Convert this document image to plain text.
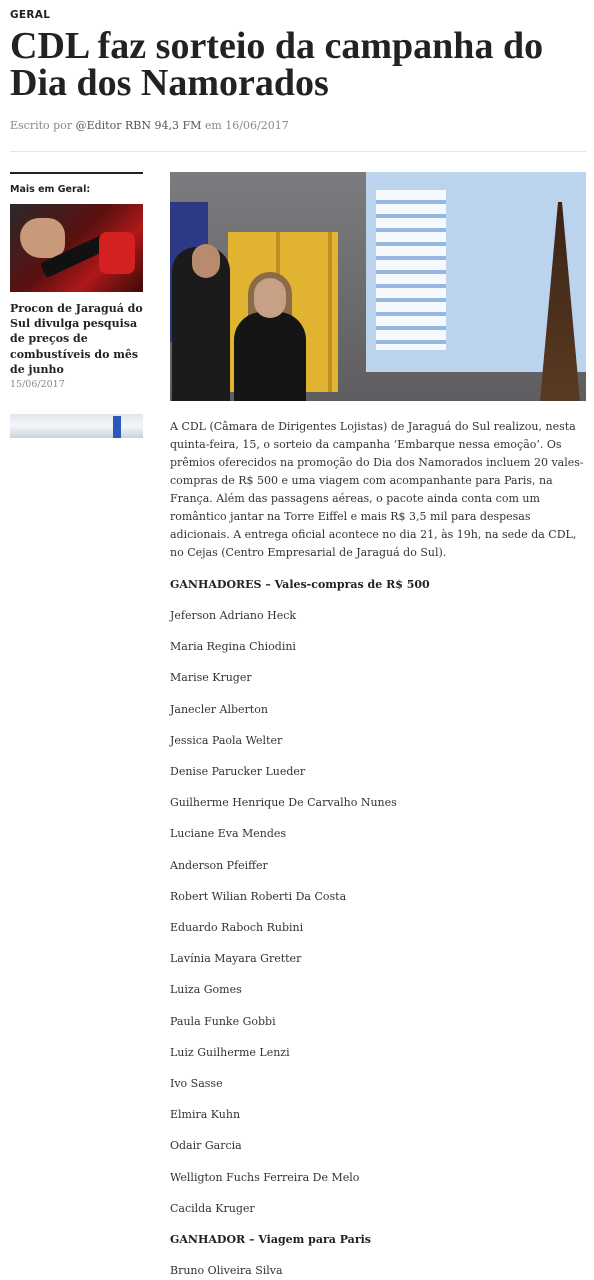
GERAL
CDL faz sorteio da campanha do Dia dos Namorados
Escrito por @Editor RBN 94,3 FM em 16/06/2017
Mais em Geral:
Procon de Jaraguá do Sul divulga pesquisa de preços de combustíveis do mês de junho
15/06/2017

A CDL (Câmara de Dirigentes Lojistas) de Jaraguá do Sul realizou, nesta quinta-feira, 15, o sorteio da campanha ‘Embarque nessa emoção’. Os prêmios oferecidos na promoção do Dia dos Namorados incluem 20 vales-compras de R$ 500 e uma viagem com acompanhante para Paris, na França. Além das passagens aéreas, o pacote ainda conta com um romântico jantar na Torre Eiffel e mais R$ 3,5 mil para despesas adicionais. A entrega oficial acontece no dia 21, às 19h, na sede da CDL, no Cejas (Centro Empresarial de Jaraguá do Sul).

GANHADORES – Vales-compras de R$ 500
Jeferson Adriano Heck
Maria Regina Chiodini
Marise Kruger
Janecler Alberton
Jessica Paola Welter
Denise Parucker Lueder
Guilherme Henrique De Carvalho Nunes
Luciane Eva Mendes
Anderson Pfeiffer
Robert Wilian Roberti Da Costa
Eduardo Raboch Rubini
Lavínia Mayara Gretter
Luiza Gomes
Paula Funke Gobbi
Luiz Guilherme Lenzi
Ivo Sasse
Elmira Kuhn
Odair Garcia
Welligton Fuchs Ferreira De Melo
Cacilda Kruger
GANHADOR – Viagem para Paris
Bruno Oliveira Silva
